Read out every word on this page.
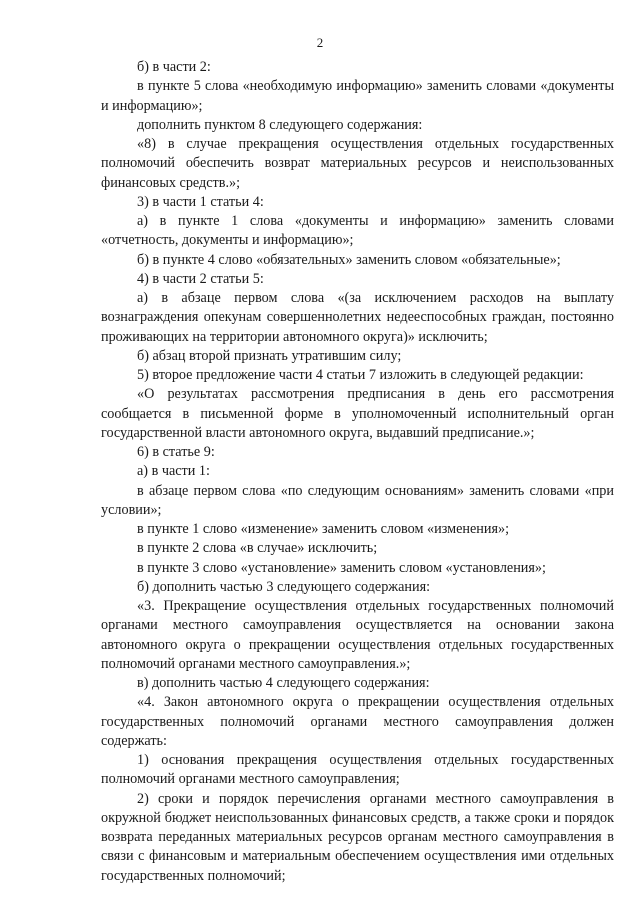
2

б) в части 2:

в пункте 5 слова «необходимую информацию» заменить словами «документы и информацию»;

дополнить пунктом 8 следующего содержания:

«8) в случае прекращения осуществления отдельных государственных полномочий обеспечить возврат материальных ресурсов и неиспользованных финансовых средств.»;

3) в части 1 статьи 4:

а) в пункте 1 слова «документы и информацию» заменить словами «отчетность, документы и информацию»;

б) в пункте 4 слово «обязательных» заменить словом «обязательные»;

4) в части 2 статьи 5:

а) в абзаце первом слова «(за исключением расходов на выплату вознаграждения опекунам совершеннолетних недееспособных граждан, постоянно проживающих на территории автономного округа)» исключить;

б) абзац второй признать утратившим силу;

5) второе предложение части 4 статьи 7 изложить в следующей редакции:

«О результатах рассмотрения предписания в день его рассмотрения сообщается в письменной форме в уполномоченный исполнительный орган государственной власти автономного округа, выдавший предписание.»;

6) в статье 9:

а) в части 1:

в абзаце первом слова «по следующим основаниям» заменить словами «при условии»;

в пункте 1 слово «изменение» заменить словом «изменения»;

в пункте 2 слова «в случае» исключить;

в пункте 3 слово «установление» заменить словом «установления»;

б) дополнить частью 3 следующего содержания:

«3. Прекращение осуществления отдельных государственных полномочий органами местного самоуправления осуществляется на основании закона автономного округа о прекращении осуществления отдельных государственных полномочий органами местного самоуправления.»;

в) дополнить частью 4 следующего содержания:

«4. Закон автономного округа о прекращении осуществления отдельных государственных полномочий органами местного самоуправления должен содержать:

1) основания прекращения осуществления отдельных государственных полномочий органами местного самоуправления;

2) сроки и порядок перечисления органами местного самоуправления в окружной бюджет неиспользованных финансовых средств, а также сроки и порядок возврата переданных материальных ресурсов органам местного самоуправления в связи с финансовым и материальным обеспечением осуществления ими отдельных государственных полномочий;
